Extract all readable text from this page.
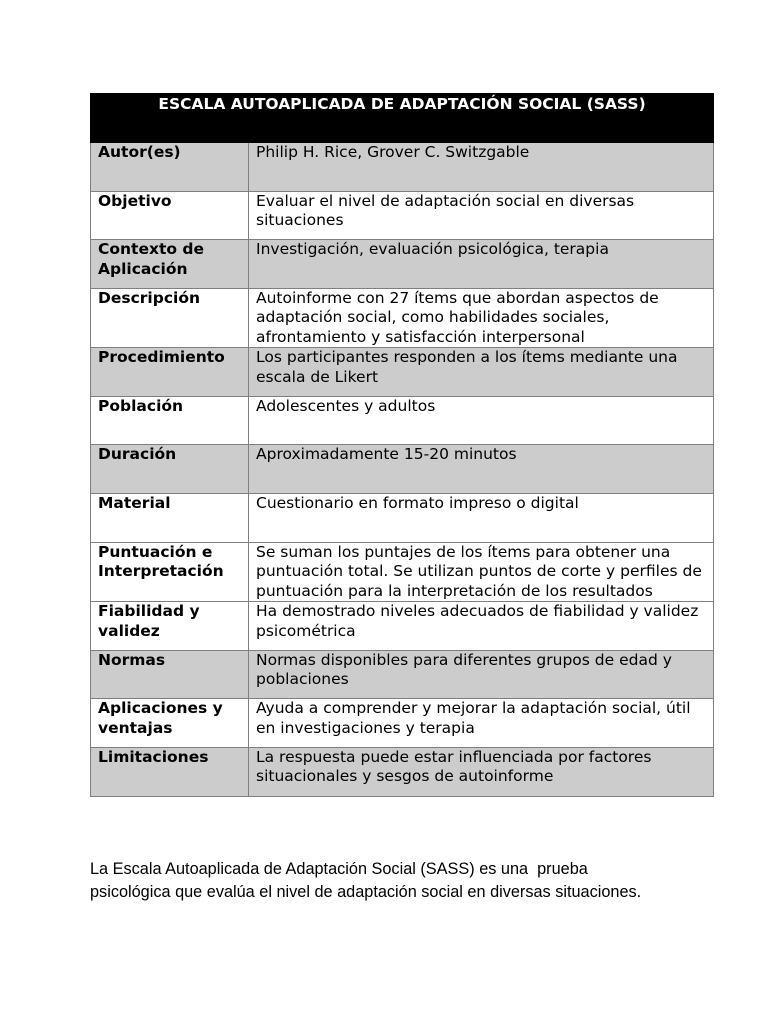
ESCALA AUTOAPLICADA DE ADAPTACIÓN SOCIAL (SASS)	
Autor(es)	Philip H. Rice, Grover C. Switzgable
Objetivo	Evaluar el nivel de adaptación social en diversas situaciones
Contexto de Aplicación	Investigación, evaluación psicológica, terapia
Descripción	Autoinforme con 27 ítems que abordan aspectos de adaptación social, como habilidades sociales, afrontamiento y satisfacción interpersonal
Procedimiento	Los participantes responden a los ítems mediante una escala de Likert
Población	Adolescentes y adultos
Duración	Aproximadamente 15-20 minutos
Material	Cuestionario en formato impreso o digital
Puntuación e Interpretación	Se suman los puntajes de los ítems para obtener una puntuación total. Se utilizan puntos de corte y perfiles de puntuación para la interpretación de los resultados
Fiabilidad y validez	Ha demostrado niveles adecuados de fiabilidad y validez psicométrica
Normas	Normas disponibles para diferentes grupos de edad y poblaciones
Aplicaciones y ventajas	Ayuda a comprender y mejorar la adaptación social, útil en investigaciones y terapia
Limitaciones	La respuesta puede estar influenciada por factores situacionales y sesgos de autoinforme

La Escala Autoaplicada de Adaptación Social (SASS) es una  prueba psicológica que evalúa el nivel de adaptación social en diversas situaciones.
